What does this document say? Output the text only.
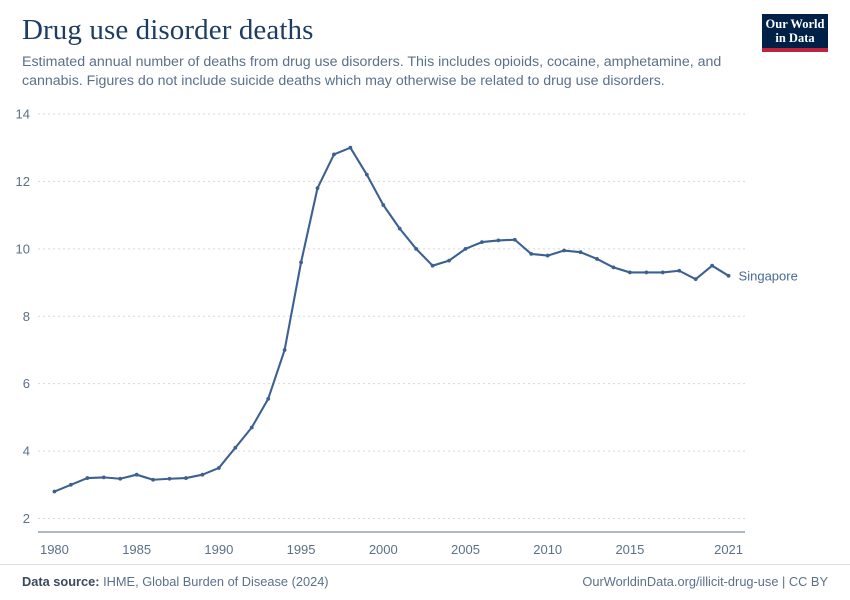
Drug use disorder deaths

Estimated annual number of deaths from drug use disorders. This includes opioids, cocaine, amphetamine, and cannabis. Figures do not include suicide deaths which may otherwise be related to drug use disorders.

Our World
in Data
2
4
6
8
10
12
14
1980	1985	1990	1995	2000	2005	2010	2015	2021
Singapore
Data source: IHME, Global Burden of Disease (2024)	OurWorldinData.org/illicit-drug-use | CC BY
